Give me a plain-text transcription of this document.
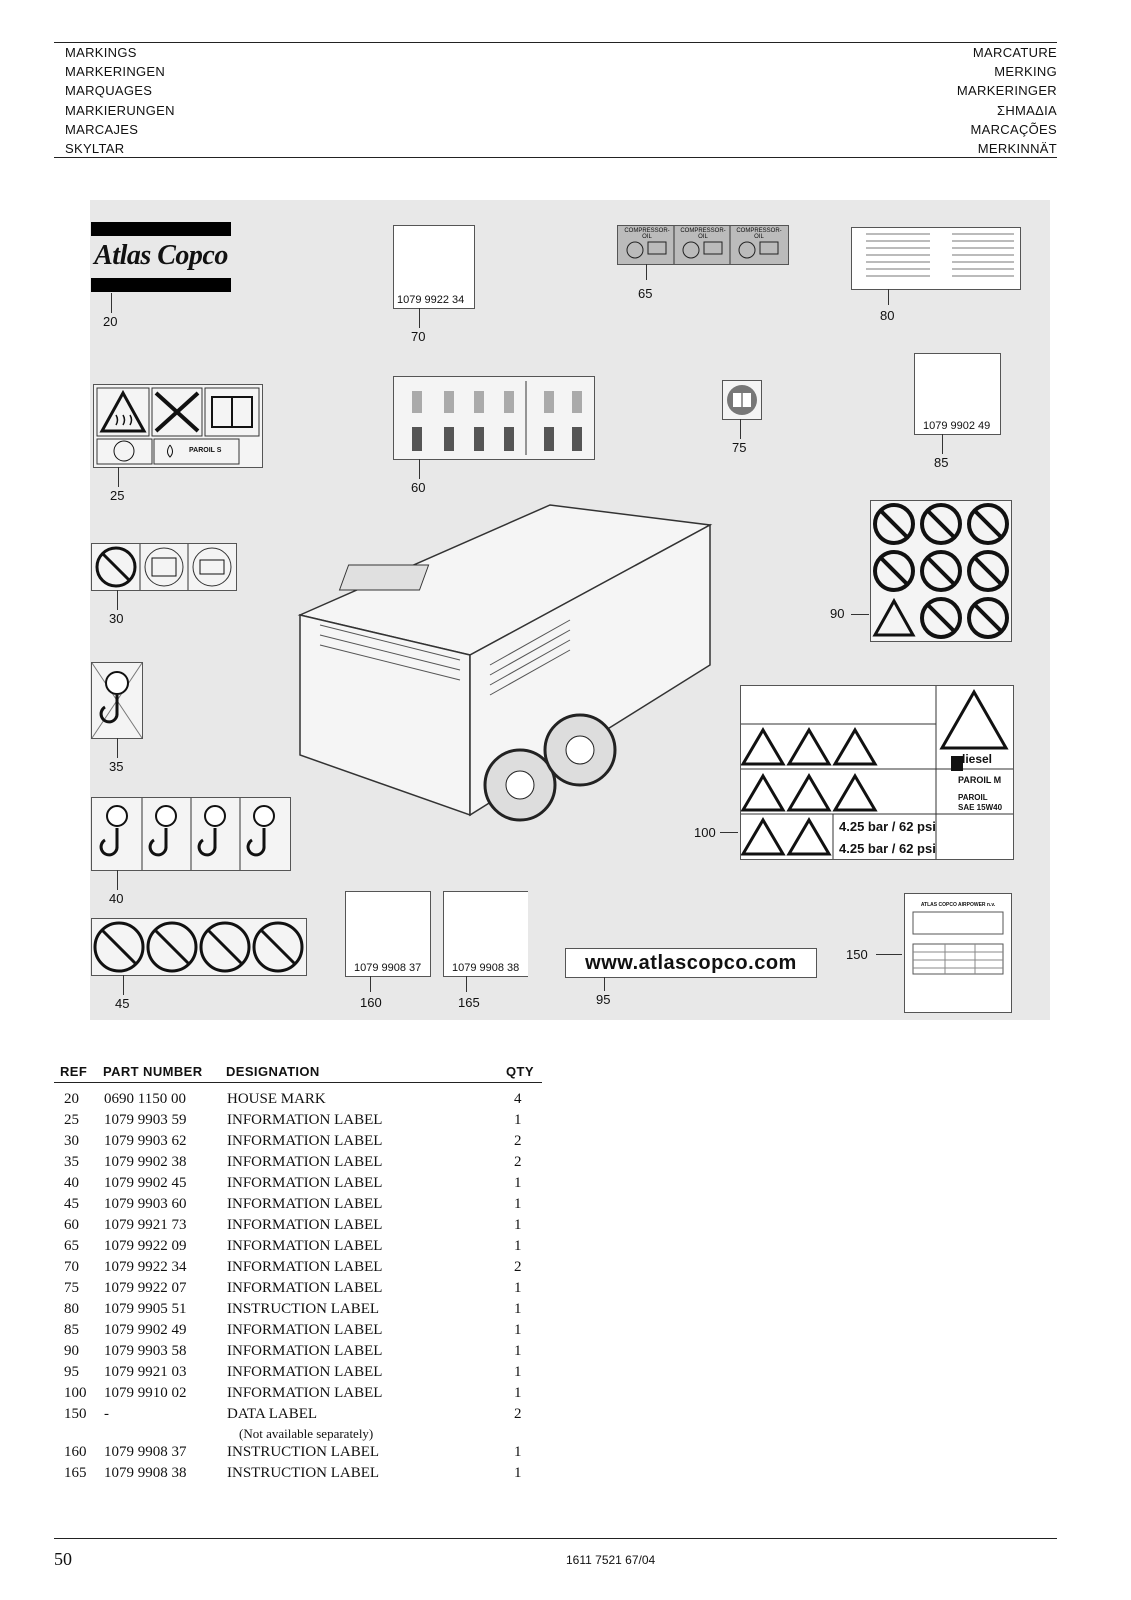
MARKINGS
MARKERINGEN
MARQUAGES
MARKIERUNGEN
MARCAJES
SKYLTAR
MARCATURE
MERKING
MARKERINGER
ΣΗΜΑΔΙΑ
MARCAÇÕES
MERKINNÄT
Atlas Copco
20
1079 9922 34
70
COMPRESSOR-OIL
COMPRESSOR-OIL
COMPRESSOR-OIL
65
80
PAROIL S
25
60
75
1079 9902 49
85
30	90
35	diesel
PAROIL M
PAROIL
SAE 15W40
4.25 bar / 62 psi
4.25 bar / 62 psi
100
40
45
1079 9908 37
160
1079 9908 38
165
www.atlascopco.com
95
ATLAS COPCO AIRPOWER n.v.
150
REF PART NUMBER DESIGNATION	QTY
20 0690 1150 00	HOUSE MARK	4
25 1079 9903 59	INFORMATION LABEL	1
30 1079 9903 62	INFORMATION LABEL	2
35 1079 9902 38	INFORMATION LABEL	2
40 1079 9902 45	INFORMATION LABEL	1
45 1079 9903 60	INFORMATION LABEL	1
60 1079 9921 73	INFORMATION LABEL	1
65 1079 9922 09	INFORMATION LABEL	1
70 1079 9922 34	INFORMATION LABEL	2
75 1079 9922 07	INFORMATION LABEL	1
80 1079 9905 51	INSTRUCTION LABEL	1
85 1079 9902 49	INFORMATION LABEL	1
90 1079 9903 58	INFORMATION LABEL	1
95 1079 9921 03	INFORMATION LABEL	1
100 1079 9910 02	INFORMATION LABEL	1
150 -	DATA LABEL	2
(Not available separately)
160 1079 9908 37	INSTRUCTION LABEL	1
165 1079 9908 38	INSTRUCTION LABEL	1
50	1611 7521 67/04
